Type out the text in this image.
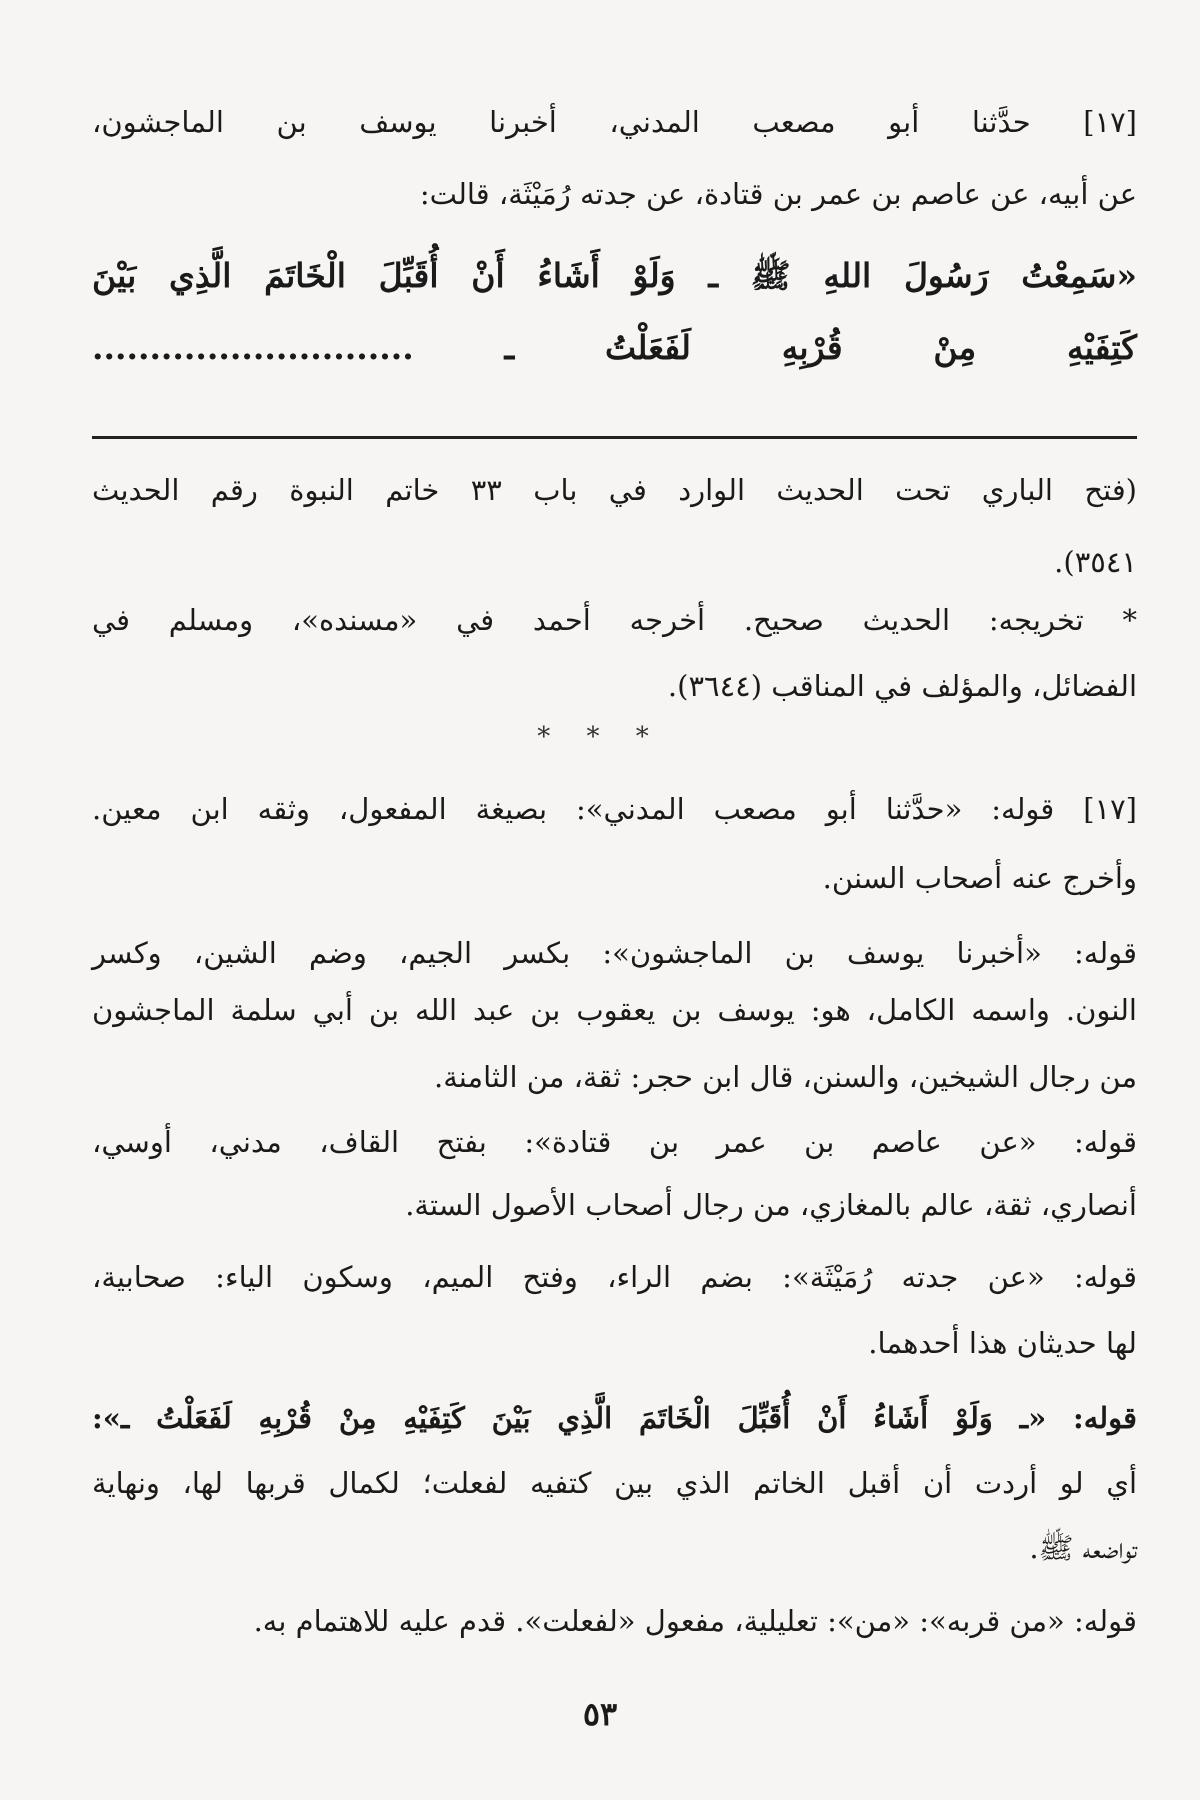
[١٧] حدَّثنا أبو مصعب المدني، أخبرنا يوسف بن الماجشون،
عن أبيه، عن عاصم بن عمر بن قتادة، عن جدته رُمَيْثَة، قالت:
«سَمِعْتُ رَسُولَ اللهِ ﷺ ـ وَلَوْ أَشَاءُ أَنْ أُقَبِّلَ الْخَاتَمَ الَّذِي بَيْنَ
كَتِفَيْهِ مِنْ قُرْبِهِ لَفَعَلْتُ ـ ............................
(فتح الباري تحت الحديث الوارد في باب ٣٣ خاتم النبوة رقم الحديث
٣٥٤١).
* تخريجه: الحديث صحيح. أخرجه أحمد في «مسنده»، ومسلم في
الفضائل، والمؤلف في المناقب (٣٦٤٤).
* * *
[١٧] قوله: «حدَّثنا أبو مصعب المدني»: بصيغة المفعول، وثقه ابن معين.
وأخرج عنه أصحاب السنن.
قوله: «أخبرنا يوسف بن الماجشون»: بكسر الجيم، وضم الشين، وكسر
النون. واسمه الكامل، هو: يوسف بن يعقوب بن عبد الله بن أبي سلمة الماجشون
من رجال الشيخين، والسنن، قال ابن حجر: ثقة، من الثامنة.
قوله: «عن عاصم بن عمر بن قتادة»: بفتح القاف، مدني، أوسي،
أنصاري، ثقة، عالم بالمغازي، من رجال أصحاب الأصول الستة.
قوله: «عن جدته رُمَيْثَة»: بضم الراء، وفتح الميم، وسكون الياء: صحابية،
لها حديثان هذا أحدهما.
قوله: «ـ وَلَوْ أَشَاءُ أَنْ أُقَبِّلَ الْخَاتَمَ الَّذِي بَيْنَ كَتِفَيْهِ مِنْ قُرْبِهِ لَفَعَلْتُ ـ»:
أي لو أردت أن أقبل الخاتم الذي بين كتفيه لفعلت؛ لكمال قربها لها، ونهاية
تواضعه ﷺ.
قوله: «من قربه»: «من»: تعليلية، مفعول «لفعلت». قدم عليه للاهتمام به.
٥٣
